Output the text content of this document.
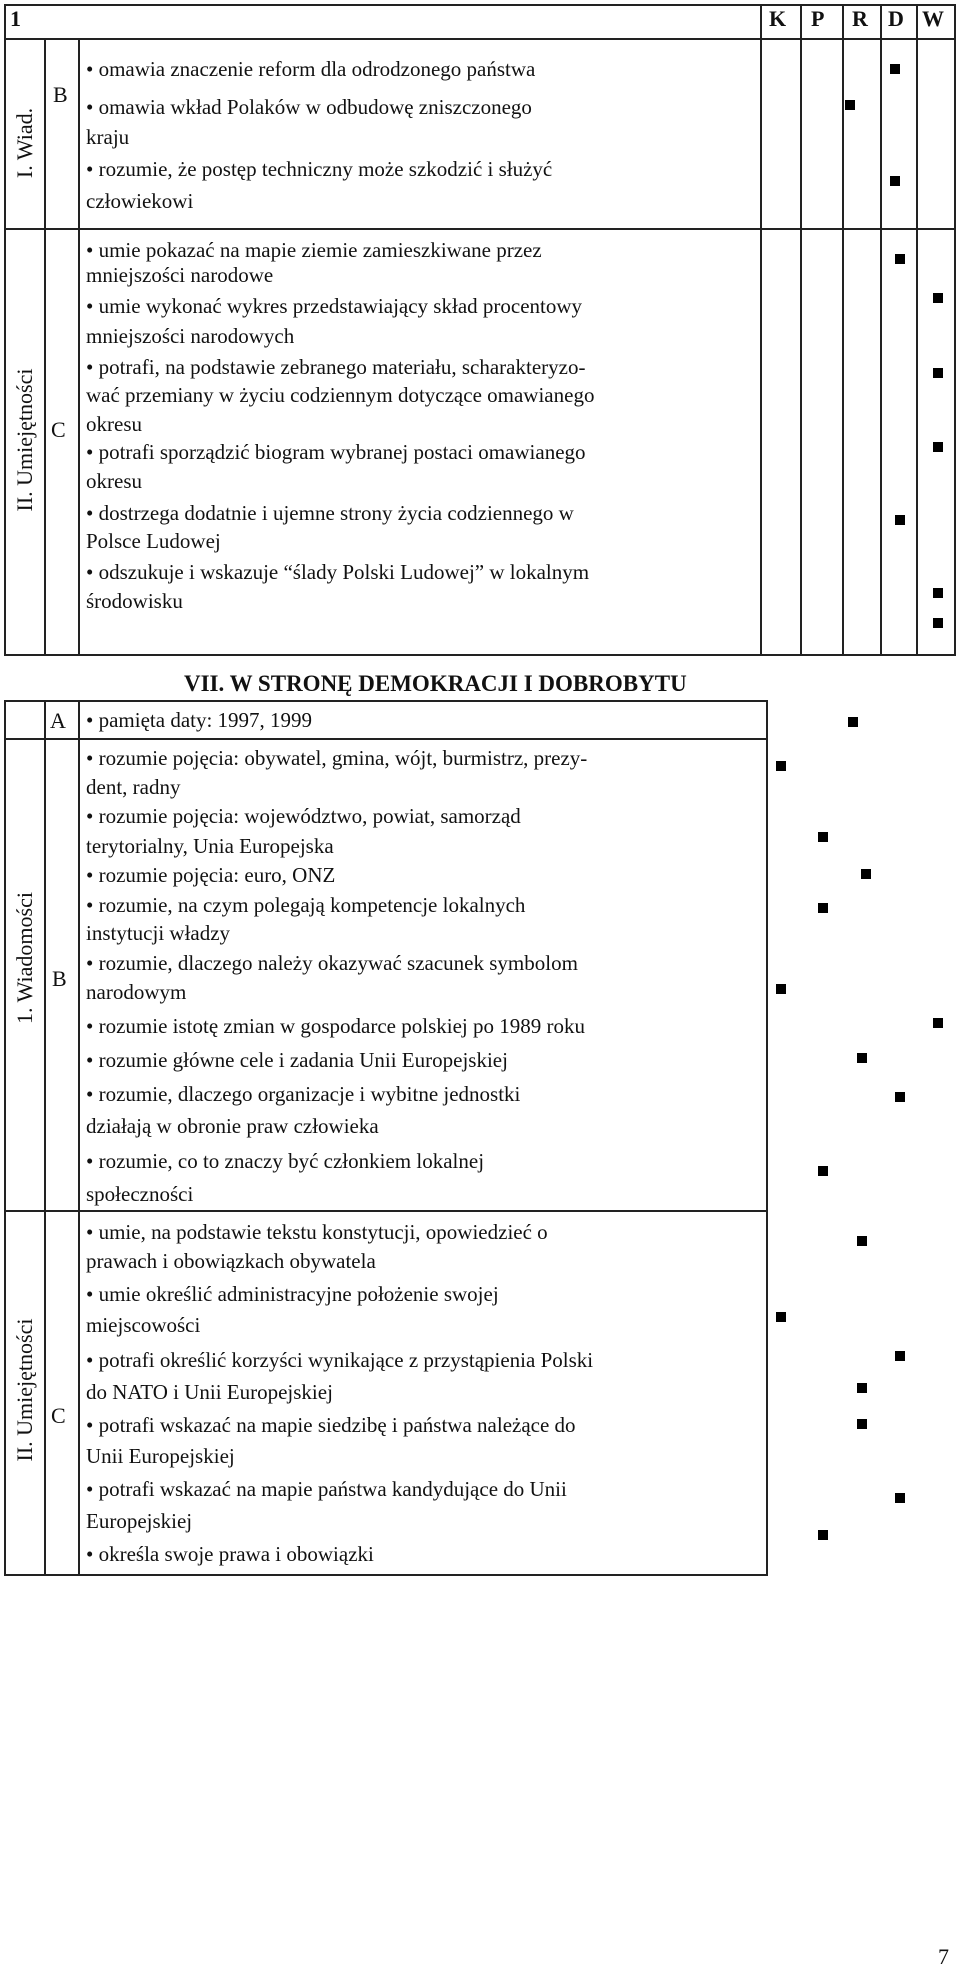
1	K P R D W
I. Wiad.
B
II. Umiejętności C
• omawia znaczenie reform dla odrodzonego państwa
• omawia wkład Polaków w odbudowę zniszczonego
kraju
• rozumie, że postęp techniczny może szkodzić i służyć
człowiekowi
• umie pokazać na mapie ziemie zamieszkiwane przez
mniejszości narodowe
• umie wykonać wykres przedstawiający skład procentowy
mniejszości narodowych
• potrafi, na podstawie zebranego materiału, scharakteryzo-
wać przemiany w życiu codziennym dotyczące omawianego
okresu
• potrafi sporządzić biogram wybranej postaci omawianego
okresu
• dostrzega dodatnie i ujemne strony życia codziennego w
Polsce Ludowej
• odszukuje i wskazuje “ślady Polski Ludowej” w lokalnym
środowisku
VII. W STRONĘ DEMOKRACJI I DOBROBYTU
A • pamięta daty: 1997, 1999
1. Wiadomości B
• rozumie pojęcia: obywatel, gmina, wójt, burmistrz, prezy-
dent, radny
• rozumie pojęcia: województwo, powiat, samorząd
terytorialny, Unia Europejska
• rozumie pojęcia: euro, ONZ
• rozumie, na czym polegają kompetencje lokalnych
instytucji władzy
• rozumie, dlaczego należy okazywać szacunek symbolom
narodowym
• rozumie istotę zmian w gospodarce polskiej po 1989 roku
• rozumie główne cele i zadania Unii Europejskiej
• rozumie, dlaczego organizacje i wybitne jednostki
działają w obronie praw człowieka
• rozumie, co to znaczy być członkiem lokalnej
społeczności
II. Umiejętności C
• umie, na podstawie tekstu konstytucji, opowiedzieć o
prawach i obowiązkach obywatela
• umie określić administracyjne położenie swojej
miejscowości
• potrafi określić korzyści wynikające z przystąpienia Polski
do NATO i Unii Europejskiej
• potrafi wskazać na mapie siedzibę i państwa należące do
Unii Europejskiej
• potrafi wskazać na mapie państwa kandydujące do Unii
Europejskiej
• określa swoje prawa i obowiązki
7
